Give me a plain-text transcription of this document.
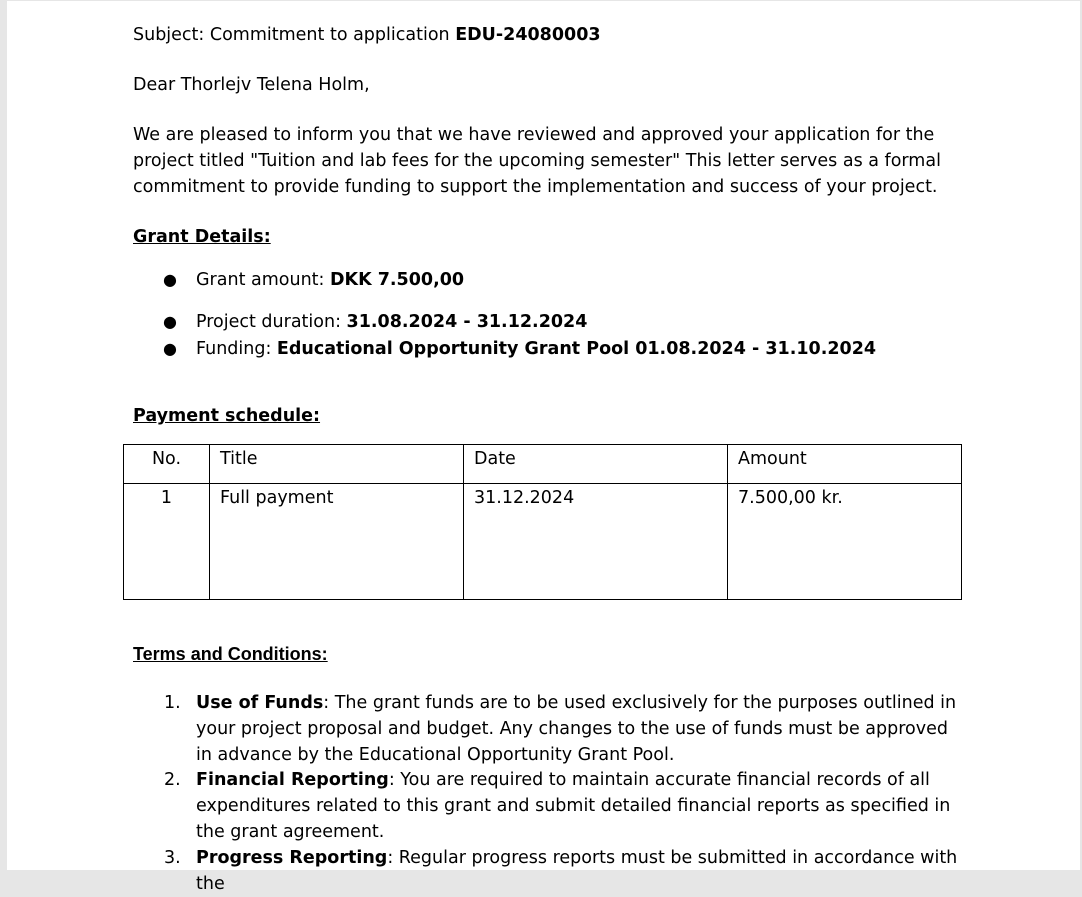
Subject: Commitment to application EDU-24080003

Dear Thorlejv Telena Holm,

We are pleased to inform you that we have reviewed and approved your application for the project titled "Tuition and lab fees for the upcoming semester" This letter serves as a formal commitment to provide funding to support the implementation and success of your project.

Grant Details:

● Grant amount: DKK 7.500,00
● Project duration: 31.08.2024 - 31.12.2024
● Funding: Educational Opportunity Grant Pool 01.08.2024 - 31.10.2024

Payment schedule:

No.	Title	Date	Amount
1	Full payment	31.12.2024	7.500,00 kr.

Terms and Conditions:

1. Use of Funds: The grant funds are to be used exclusively for the purposes outlined in your project proposal and budget. Any changes to the use of funds must be approved in advance by the Educational Opportunity Grant Pool.
2. Financial Reporting: You are required to maintain accurate financial records of all expenditures related to this grant and submit detailed financial reports as specified in the grant agreement.
3. Progress Reporting: Regular progress reports must be submitted in accordance with the
